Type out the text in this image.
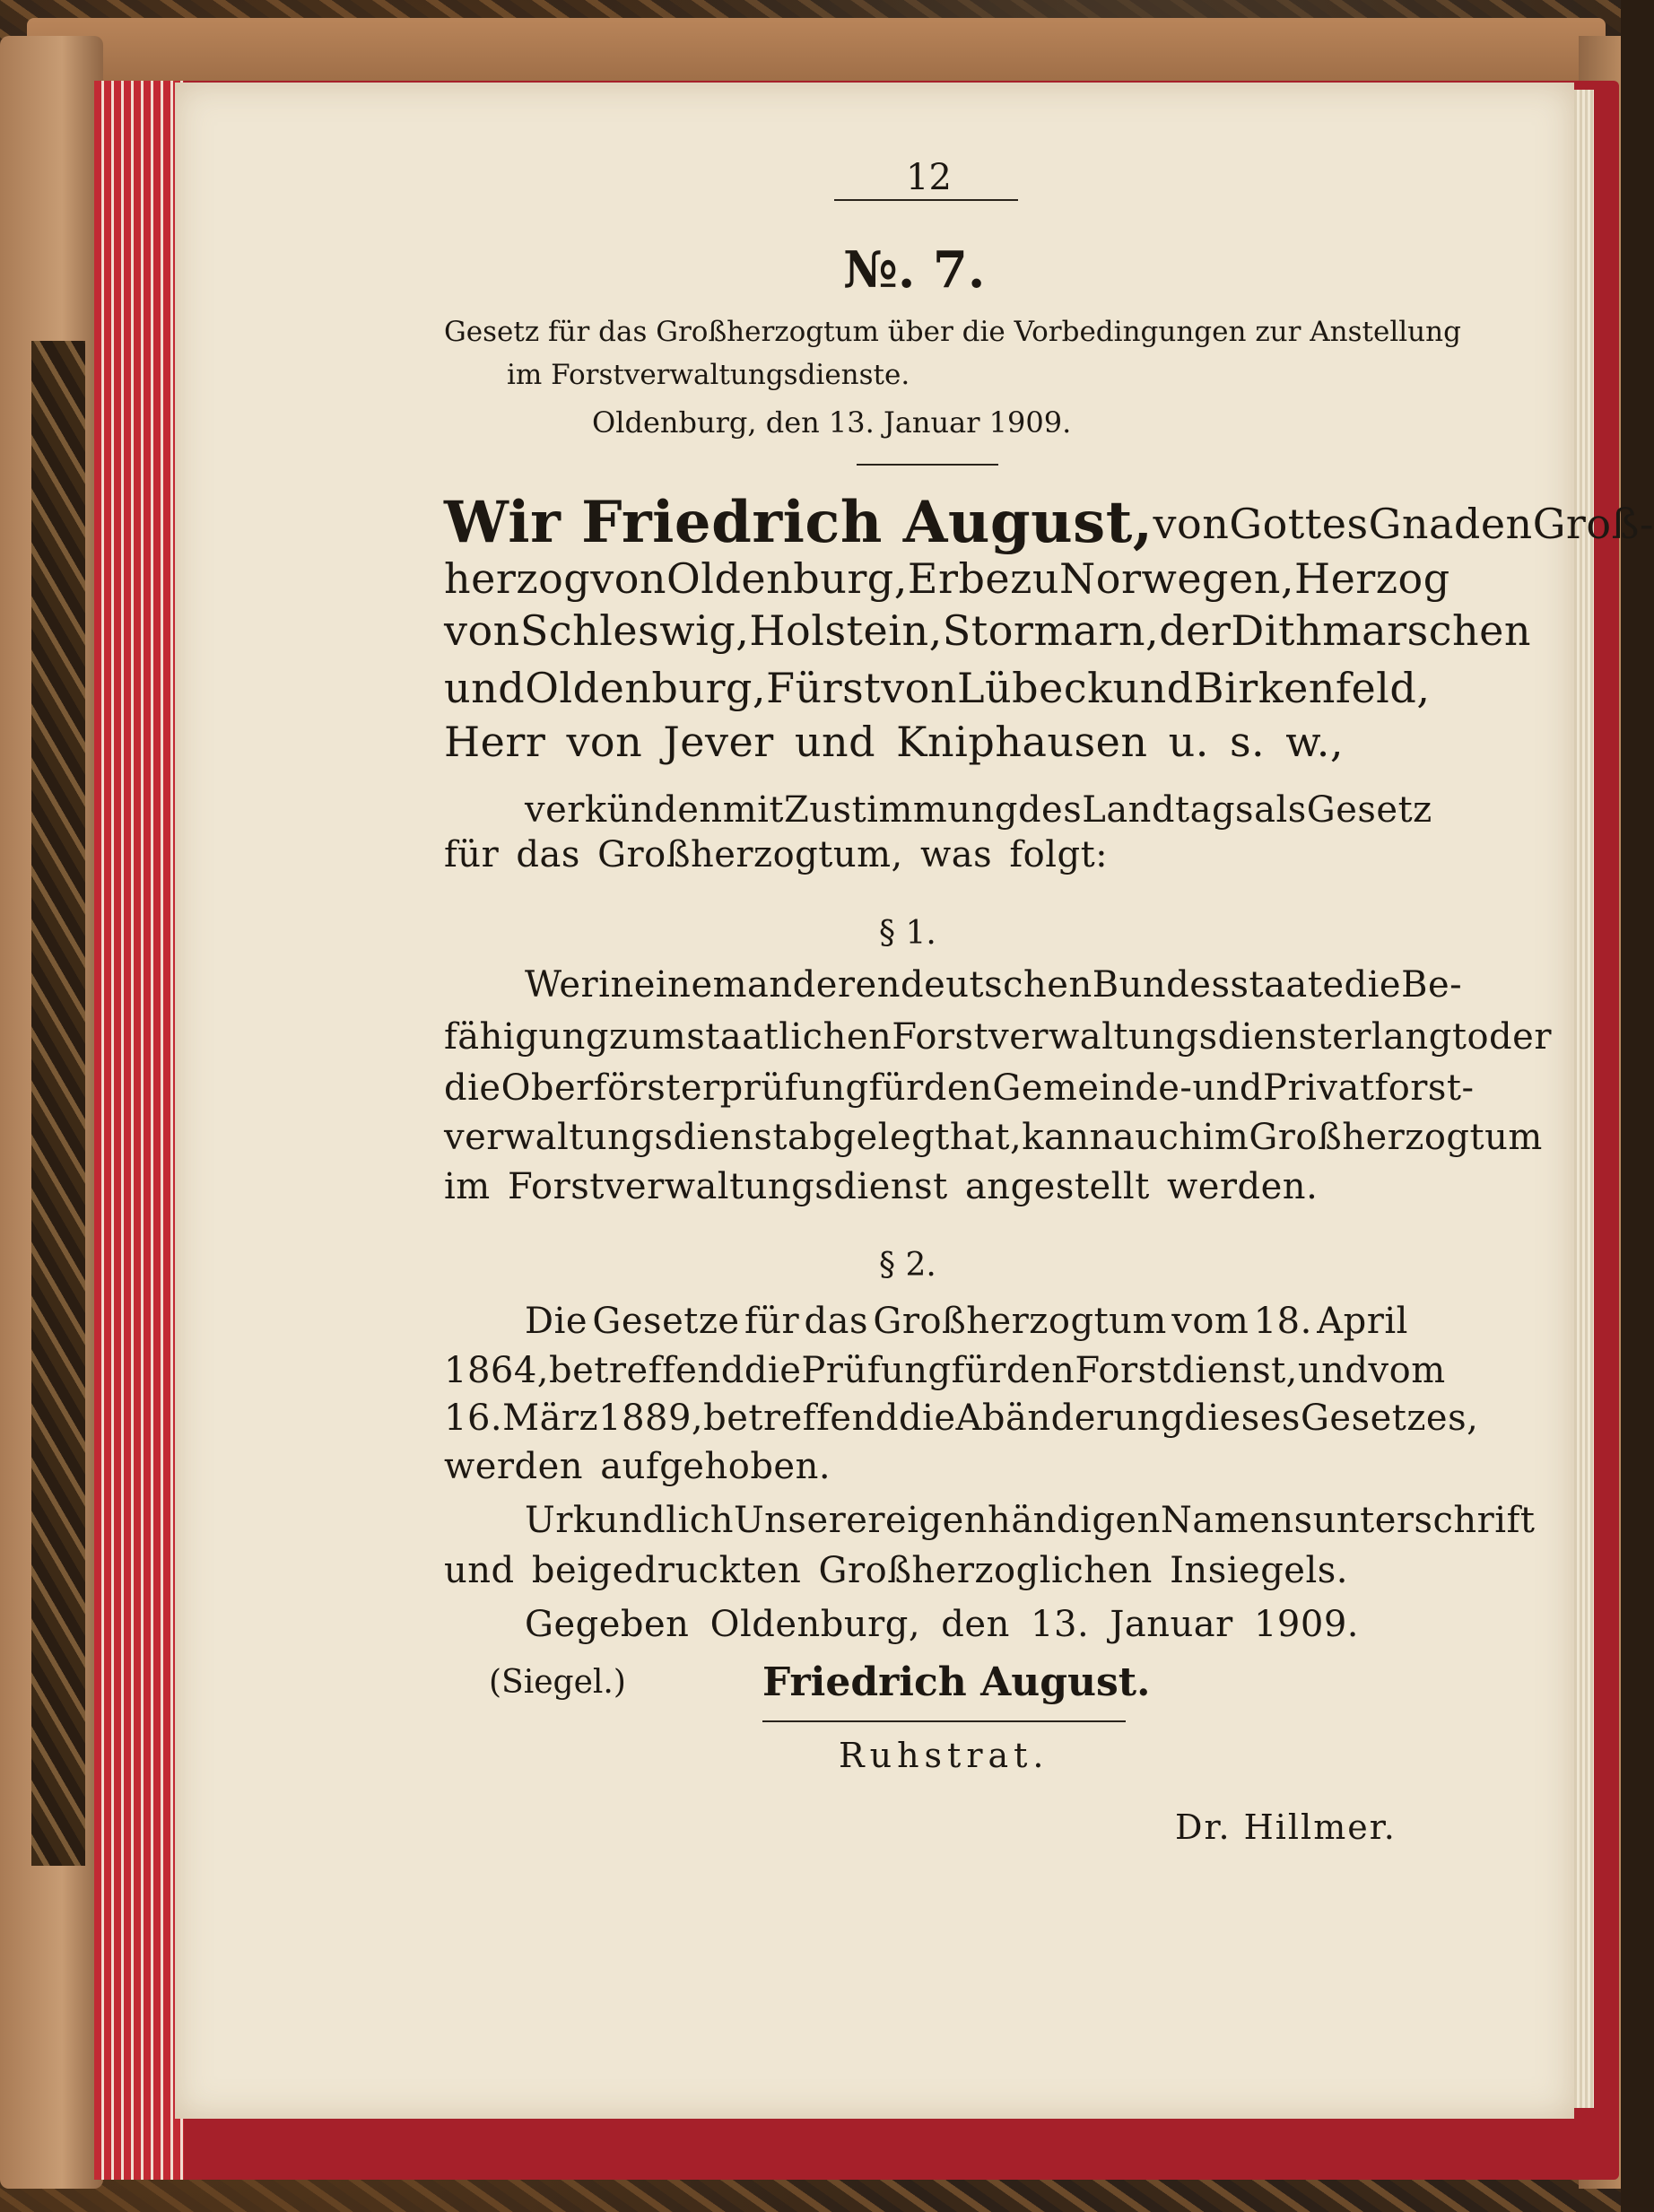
12
№. 7.
Gesetz für das Großherzogtum über die Vorbedingungen zur Anstellung
im Forstverwaltungsdienste.
Oldenburg, den 13. Januar 1909.
Wir Friedrich August, von Gottes Gnaden Groß-
herzog von Oldenburg, Erbe zu Norwegen, Herzog
von Schleswig, Holstein, Stormarn, der Dithmarschen
und Oldenburg, Fürst von Lübeck und Birkenfeld,
Herr von Jever und Kniphausen u. s. w.,
verkünden mit Zustimmung des Landtags als Gesetz
für das Großherzogtum, was folgt:
§ 1.
Wer in einem anderen deutschen Bundesstaate die Be-
fähigung zum staatlichen Forstverwaltungsdienst erlangt oder
die Oberförsterprüfung für den Gemeinde- und Privatforst-
verwaltungsdienst abgelegt hat, kann auch im Großherzogtum
im Forstverwaltungsdienst angestellt werden.
§ 2.
Die Gesetze für das Großherzogtum vom 18. April
1864, betreffend die Prüfung für den Forstdienst, und vom
16. März 1889, betreffend die Abänderung dieses Gesetzes,
werden aufgehoben.
Urkundlich Unserer eigenhändigen Namensunterschrift
und beigedruckten Großherzoglichen Insiegels.
Gegeben Oldenburg, den 13. Januar 1909.
(Siegel.)	Friedrich August.
Ruhstrat.
Dr. Hillmer.
